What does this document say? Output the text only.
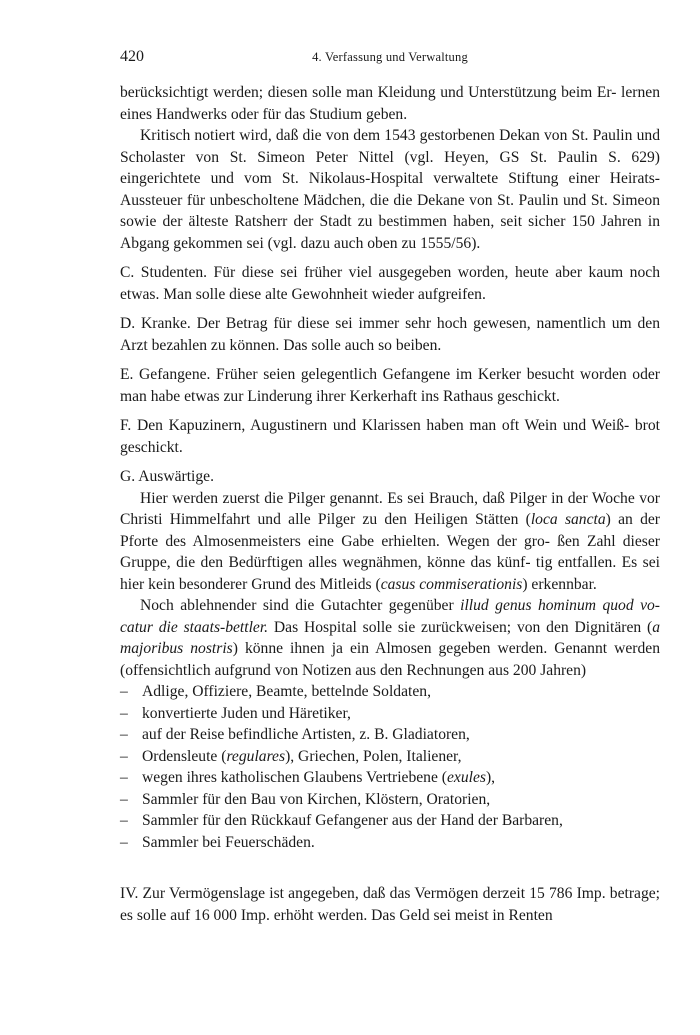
420	4. Verfassung und Verwaltung

berücksichtigt werden; diesen solle man Kleidung und Unterstützung beim Er- lernen eines Handwerks oder für das Studium geben.

Kritisch notiert wird, daß die von dem 1543 gestorbenen Dekan von St. Paulin und Scholaster von St. Simeon Peter Nittel (vgl. Heyen, GS St. Paulin S. 629) eingerichtete und vom St. Nikolaus-Hospital verwaltete Stiftung einer Heirats-Aussteuer für unbescholtene Mädchen, die die Dekane von St. Paulin und St. Simeon sowie der älteste Ratsherr der Stadt zu bestimmen haben, seit sicher 150 Jahren in Abgang gekommen sei (vgl. dazu auch oben zu 1555/56).

C. Studenten. Für diese sei früher viel ausgegeben worden, heute aber kaum noch etwas. Man solle diese alte Gewohnheit wieder aufgreifen.

D. Kranke. Der Betrag für diese sei immer sehr hoch gewesen, namentlich um den Arzt bezahlen zu können. Das solle auch so beiben.

E. Gefangene. Früher seien gelegentlich Gefangene im Kerker besucht worden oder man habe etwas zur Linderung ihrer Kerkerhaft ins Rathaus geschickt.

F. Den Kapuzinern, Augustinern und Klarissen haben man oft Wein und Weiß- brot geschickt.

G. Auswärtige.

Hier werden zuerst die Pilger genannt. Es sei Brauch, daß Pilger in der Woche vor Christi Himmelfahrt und alle Pilger zu den Heiligen Stätten (loca sancta) an der Pforte des Almosenmeisters eine Gabe erhielten. Wegen der gro- ßen Zahl dieser Gruppe, die den Bedürftigen alles wegnähmen, könne das künf- tig entfallen. Es sei hier kein besonderer Grund des Mitleids (casus commiserationis) erkennbar.

Noch ablehnender sind die Gutachter gegenüber illud genus hominum quod vo- catur die staats-bettler. Das Hospital solle sie zurückweisen; von den Dignitären (a majoribus nostris) könne ihnen ja ein Almosen gegeben werden. Genannt werden (offensichtlich aufgrund von Notizen aus den Rechnungen aus 200 Jahren)

– Adlige, Offiziere, Beamte, bettelnde Soldaten,
– konvertierte Juden und Häretiker,
– auf der Reise befindliche Artisten, z. B. Gladiatoren,
– Ordensleute (regulares), Griechen, Polen, Italiener,
– wegen ihres katholischen Glaubens Vertriebene (exules),
– Sammler für den Bau von Kirchen, Klöstern, Oratorien,
– Sammler für den Rückkauf Gefangener aus der Hand der Barbaren,
– Sammler bei Feuerschäden.

IV. Zur Vermögenslage ist angegeben, daß das Vermögen derzeit 15 786 Imp. betrage; es solle auf 16 000 Imp. erhöht werden. Das Geld sei meist in Renten
